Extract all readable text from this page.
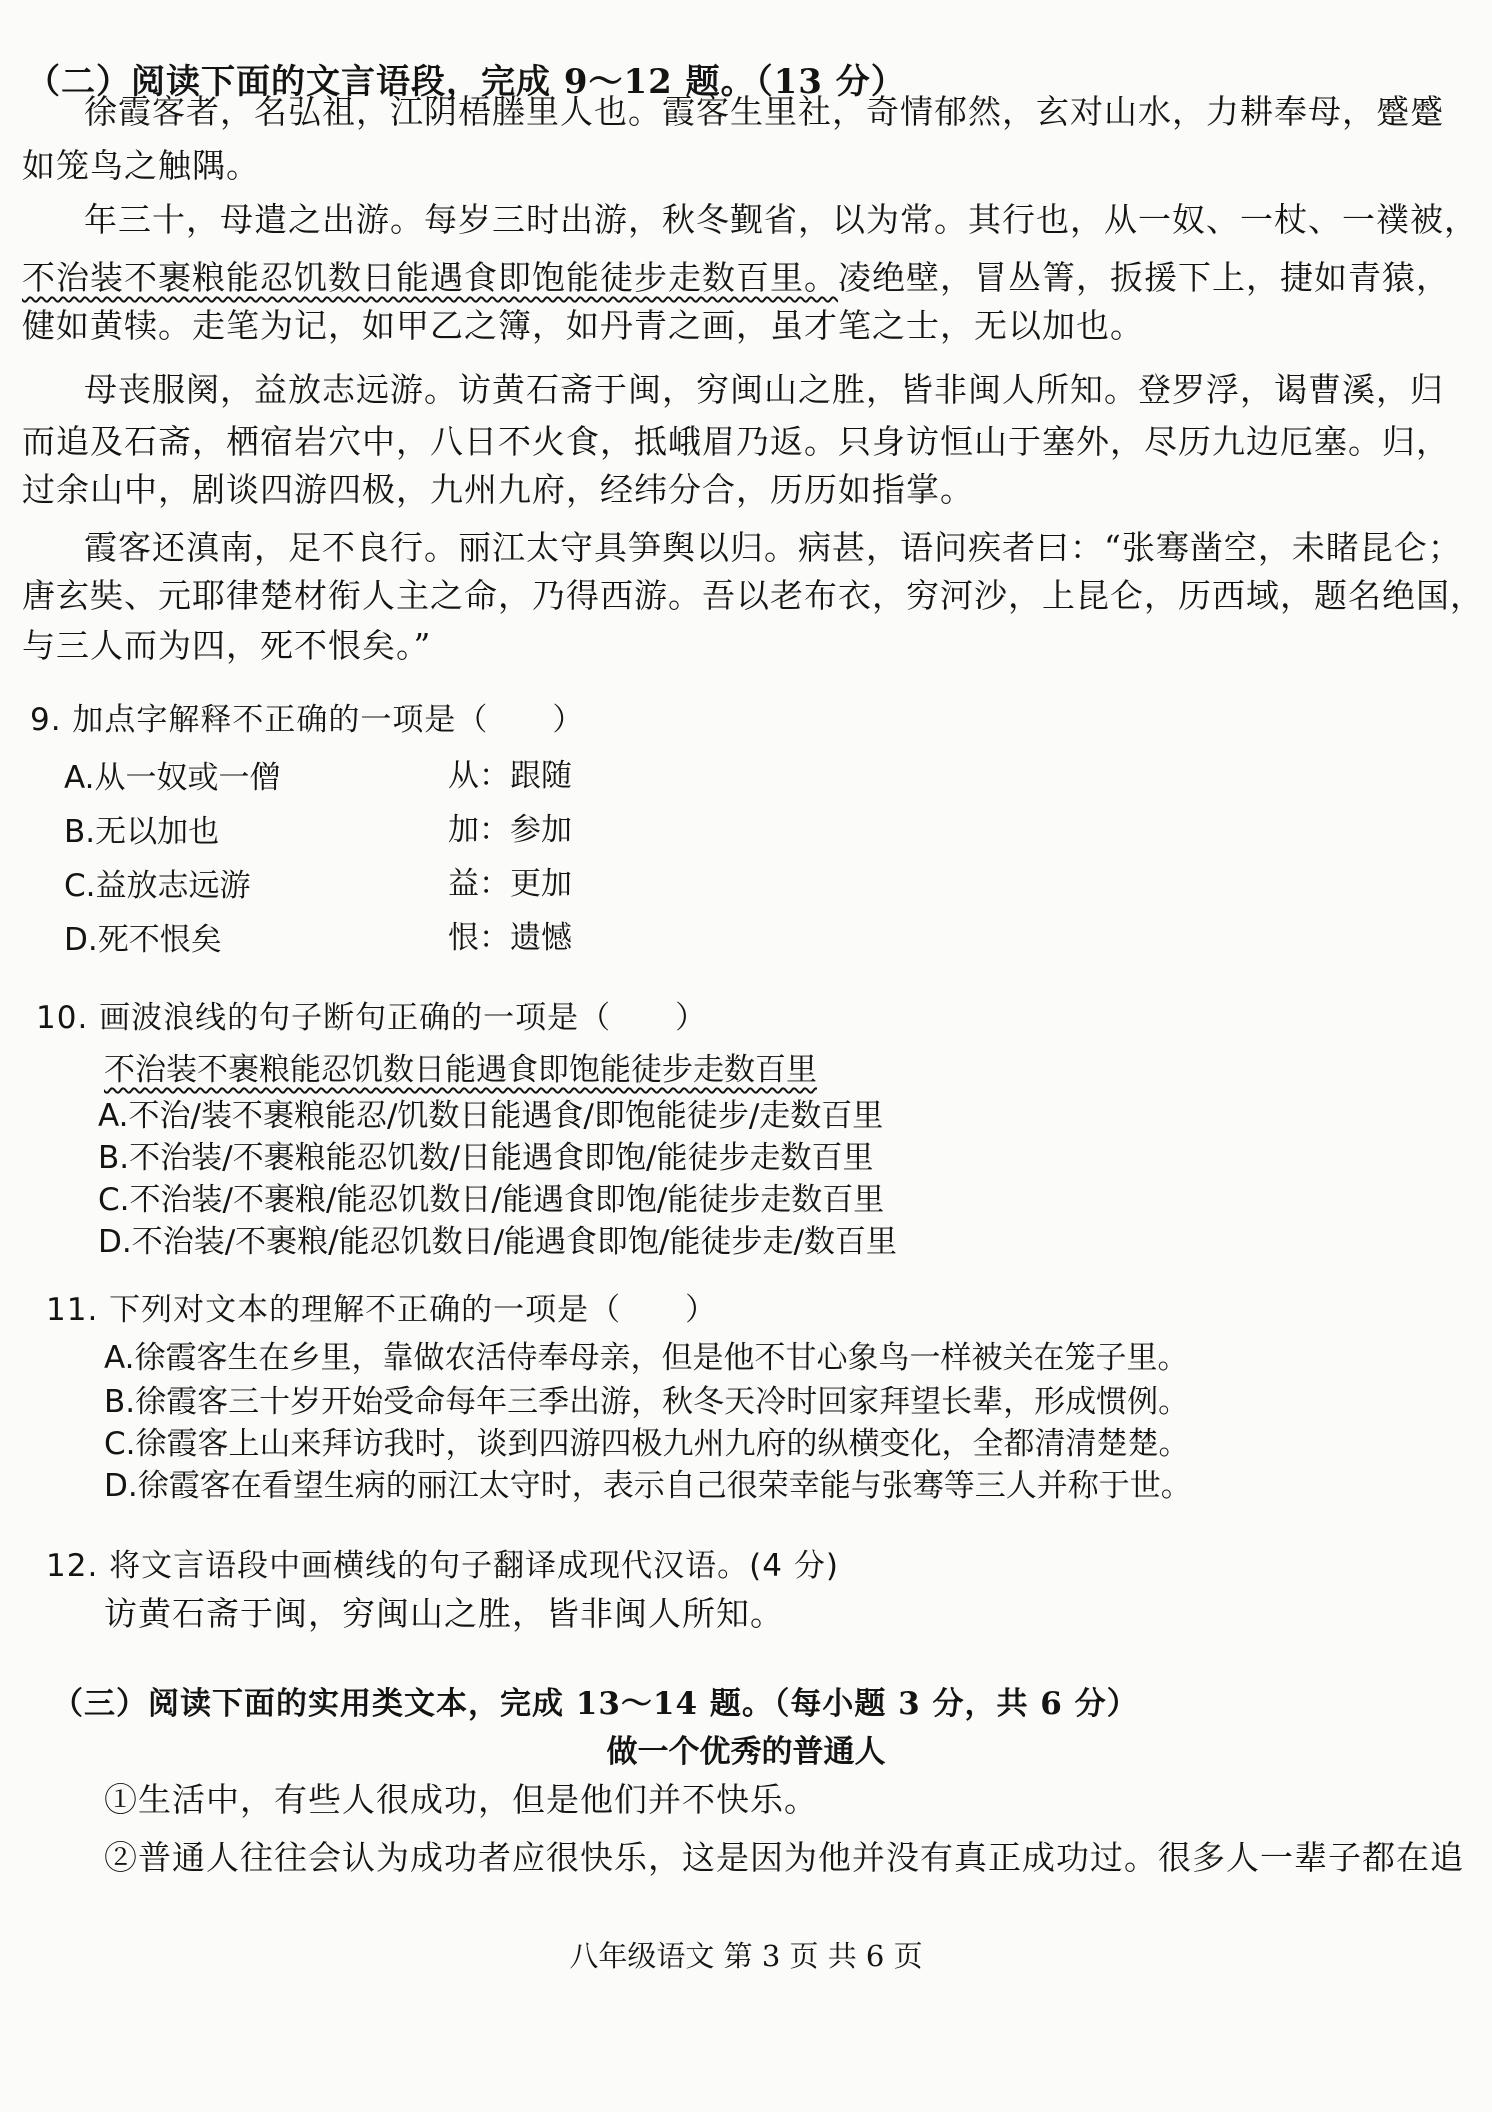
（二）阅读下面的文言语段，完成 9～12 题。（13 分）
徐霞客者，名弘祖，江阴梧塍里人也。霞客生里社，奇情郁然，玄对山水，力耕奉母，蹙蹙
如笼鸟之触隅。
年三十，母遣之出游。每岁三时出游，秋冬觐省，以为常。其行也，从一奴、一杖、一襆被，
不治装不裹粮能忍饥数日能遇食即饱能徒步走数百里。凌绝壁，冒丛箐，扳援下上，捷如青猿，
健如黄犊。走笔为记，如甲乙之簿，如丹青之画，虽才笔之士，无以加也。
母丧服阕，益放志远游。访黄石斋于闽，穷闽山之胜，皆非闽人所知。登罗浮，谒曹溪，归
而追及石斋，栖宿岩穴中，八日不火食，抵峨眉乃返。只身访恒山于塞外，尽历九边厄塞。归，
过余山中，剧谈四游四极，九州九府，经纬分合，历历如指掌。
霞客还滇南，足不良行。丽江太守具笋舆以归。病甚，语问疾者曰：“张骞凿空，未睹昆仑；
唐玄奘、元耶律楚材衔人主之命，乃得西游。吾以老布衣，穷河沙，上昆仑，历西域，题名绝国，
与三人而为四，死不恨矣。”
9. 加点字解释不正确的一项是（　　）
A.从一奴或一僧	从：跟随
B.无以加也	加：参加
C.益放志远游	益：更加
D.死不恨矣	恨：遗憾
10. 画波浪线的句子断句正确的一项是（　　）
不治装不裹粮能忍饥数日能遇食即饱能徒步走数百里
A.不治/装不裹粮能忍/饥数日能遇食/即饱能徒步/走数百里
B.不治装/不裹粮能忍饥数/日能遇食即饱/能徒步走数百里
C.不治装/不裹粮/能忍饥数日/能遇食即饱/能徒步走数百里
D.不治装/不裹粮/能忍饥数日/能遇食即饱/能徒步走/数百里
11. 下列对文本的理解不正确的一项是（　　）
A.徐霞客生在乡里，靠做农活侍奉母亲，但是他不甘心象鸟一样被关在笼子里。
B.徐霞客三十岁开始受命每年三季出游，秋冬天冷时回家拜望长辈，形成惯例。
C.徐霞客上山来拜访我时，谈到四游四极九州九府的纵横变化，全都清清楚楚。
D.徐霞客在看望生病的丽江太守时，表示自己很荣幸能与张骞等三人并称于世。
12. 将文言语段中画横线的句子翻译成现代汉语。(4 分)
访黄石斋于闽，穷闽山之胜，皆非闽人所知。
（三）阅读下面的实用类文本，完成 13～14 题。（每小题 3 分，共 6 分）
做一个优秀的普通人
①生活中，有些人很成功，但是他们并不快乐。
②普通人往往会认为成功者应很快乐，这是因为他并没有真正成功过。很多人一辈子都在追
八年级语文 第 3 页 共 6 页
